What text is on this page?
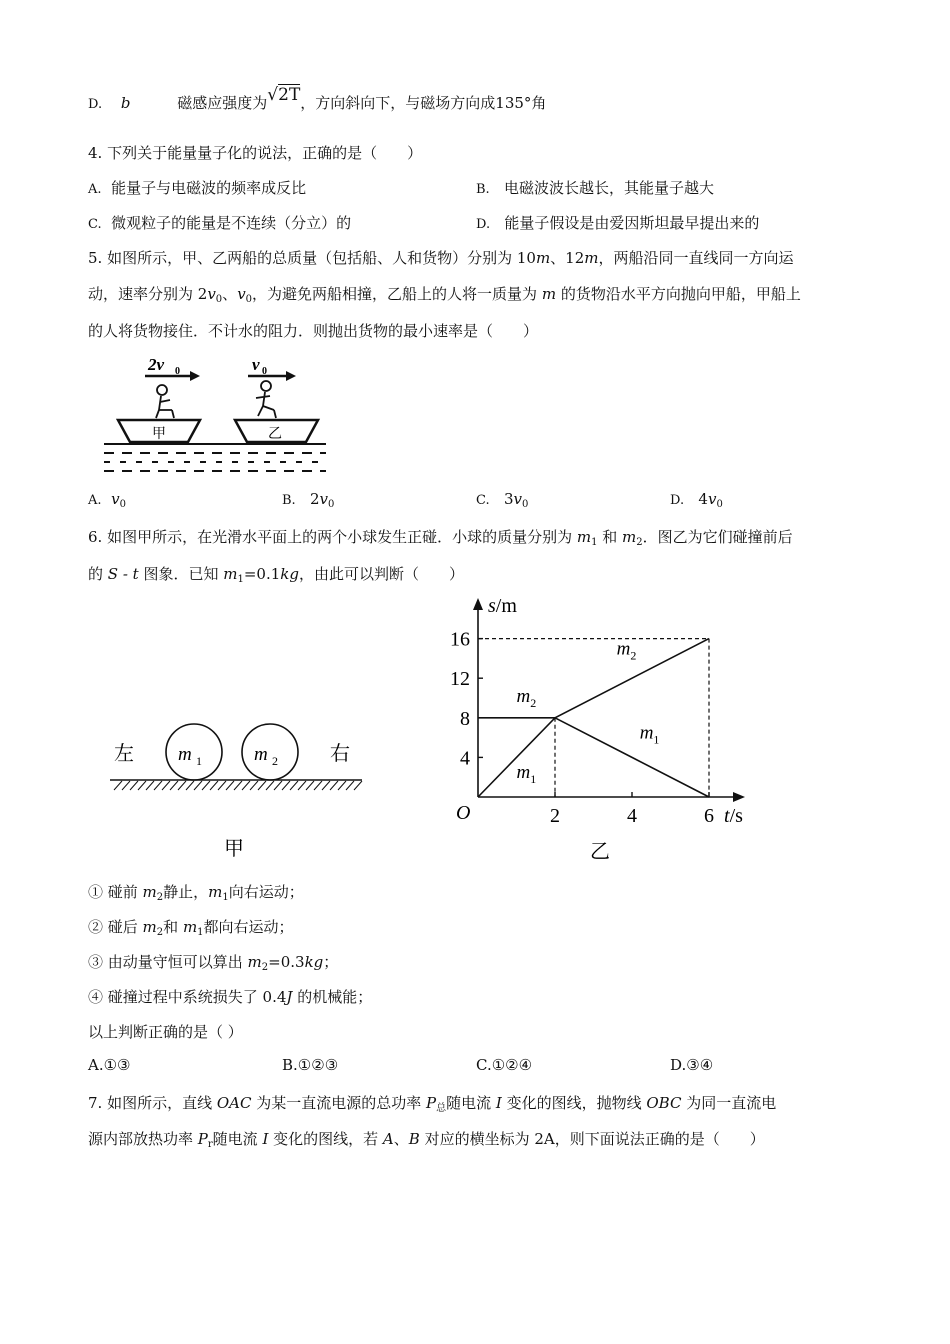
D. b	磁感应强度为√2T，方向斜向下，与磁场方向成135°角
4. 下列关于能量量子化的说法，正确的是（　　）
A. 能量子与电磁波的频率成反比	B. 电磁波波长越长，其能量子越大
C. 微观粒子的能量是不连续（分立）的	D. 能量子假设是由爱因斯坦最早提出来的
5. 如图所示，甲、乙两船的总质量（包括船、人和货物）分别为 10m、12m，两船沿同一直线同一方向运
动，速率分别为 $2v_0$、$v_0$，为避免两船相撞，乙船上的人将一质量为 m 的货物沿水平方向抛向甲船，甲船上
的人将货物接住．不计水的阻力．则抛出货物的最小速率是（　　）
2v 0	v 0
甲	乙
A. $v_0$	B. $2v_0$	C. $3v_0$	D. $4v_0$
6. 如图甲所示，在光滑水平面上的两个小球发生正碰．小球的质量分别为 $m_1$ 和 $m_2$．图乙为它们碰撞前后
的 S - t 图象．已知 $m_1=0.1kg$，由此可以判断（　　）
左	右
m 1	m 2
甲
s/m
t/s
O
4
8
12
16
2	4	6
$m_2$
$m_2$
$m_1$
$m_1$
乙
① 碰前 $m_2$静止，$m_1$向右运动；
② 碰后 $m_2$和 $m_1$都向右运动；
③ 由动量守恒可以算出 $m_2=0.3kg$；
④ 碰撞过程中系统损失了 0.4J 的机械能；
以上判断正确的是（ ）
A.①③	B.①②③	C.①②④	D.③④
7. 如图所示，直线 OAC 为某一直流电源的总功率 $P_总$随电流 I 变化的图线，抛物线 OBC 为同一直流电
源内部放热功率 $P_r$随电流 I 变化的图线，若 A、B 对应的横坐标为 2A，则下面说法正确的是（　　）
